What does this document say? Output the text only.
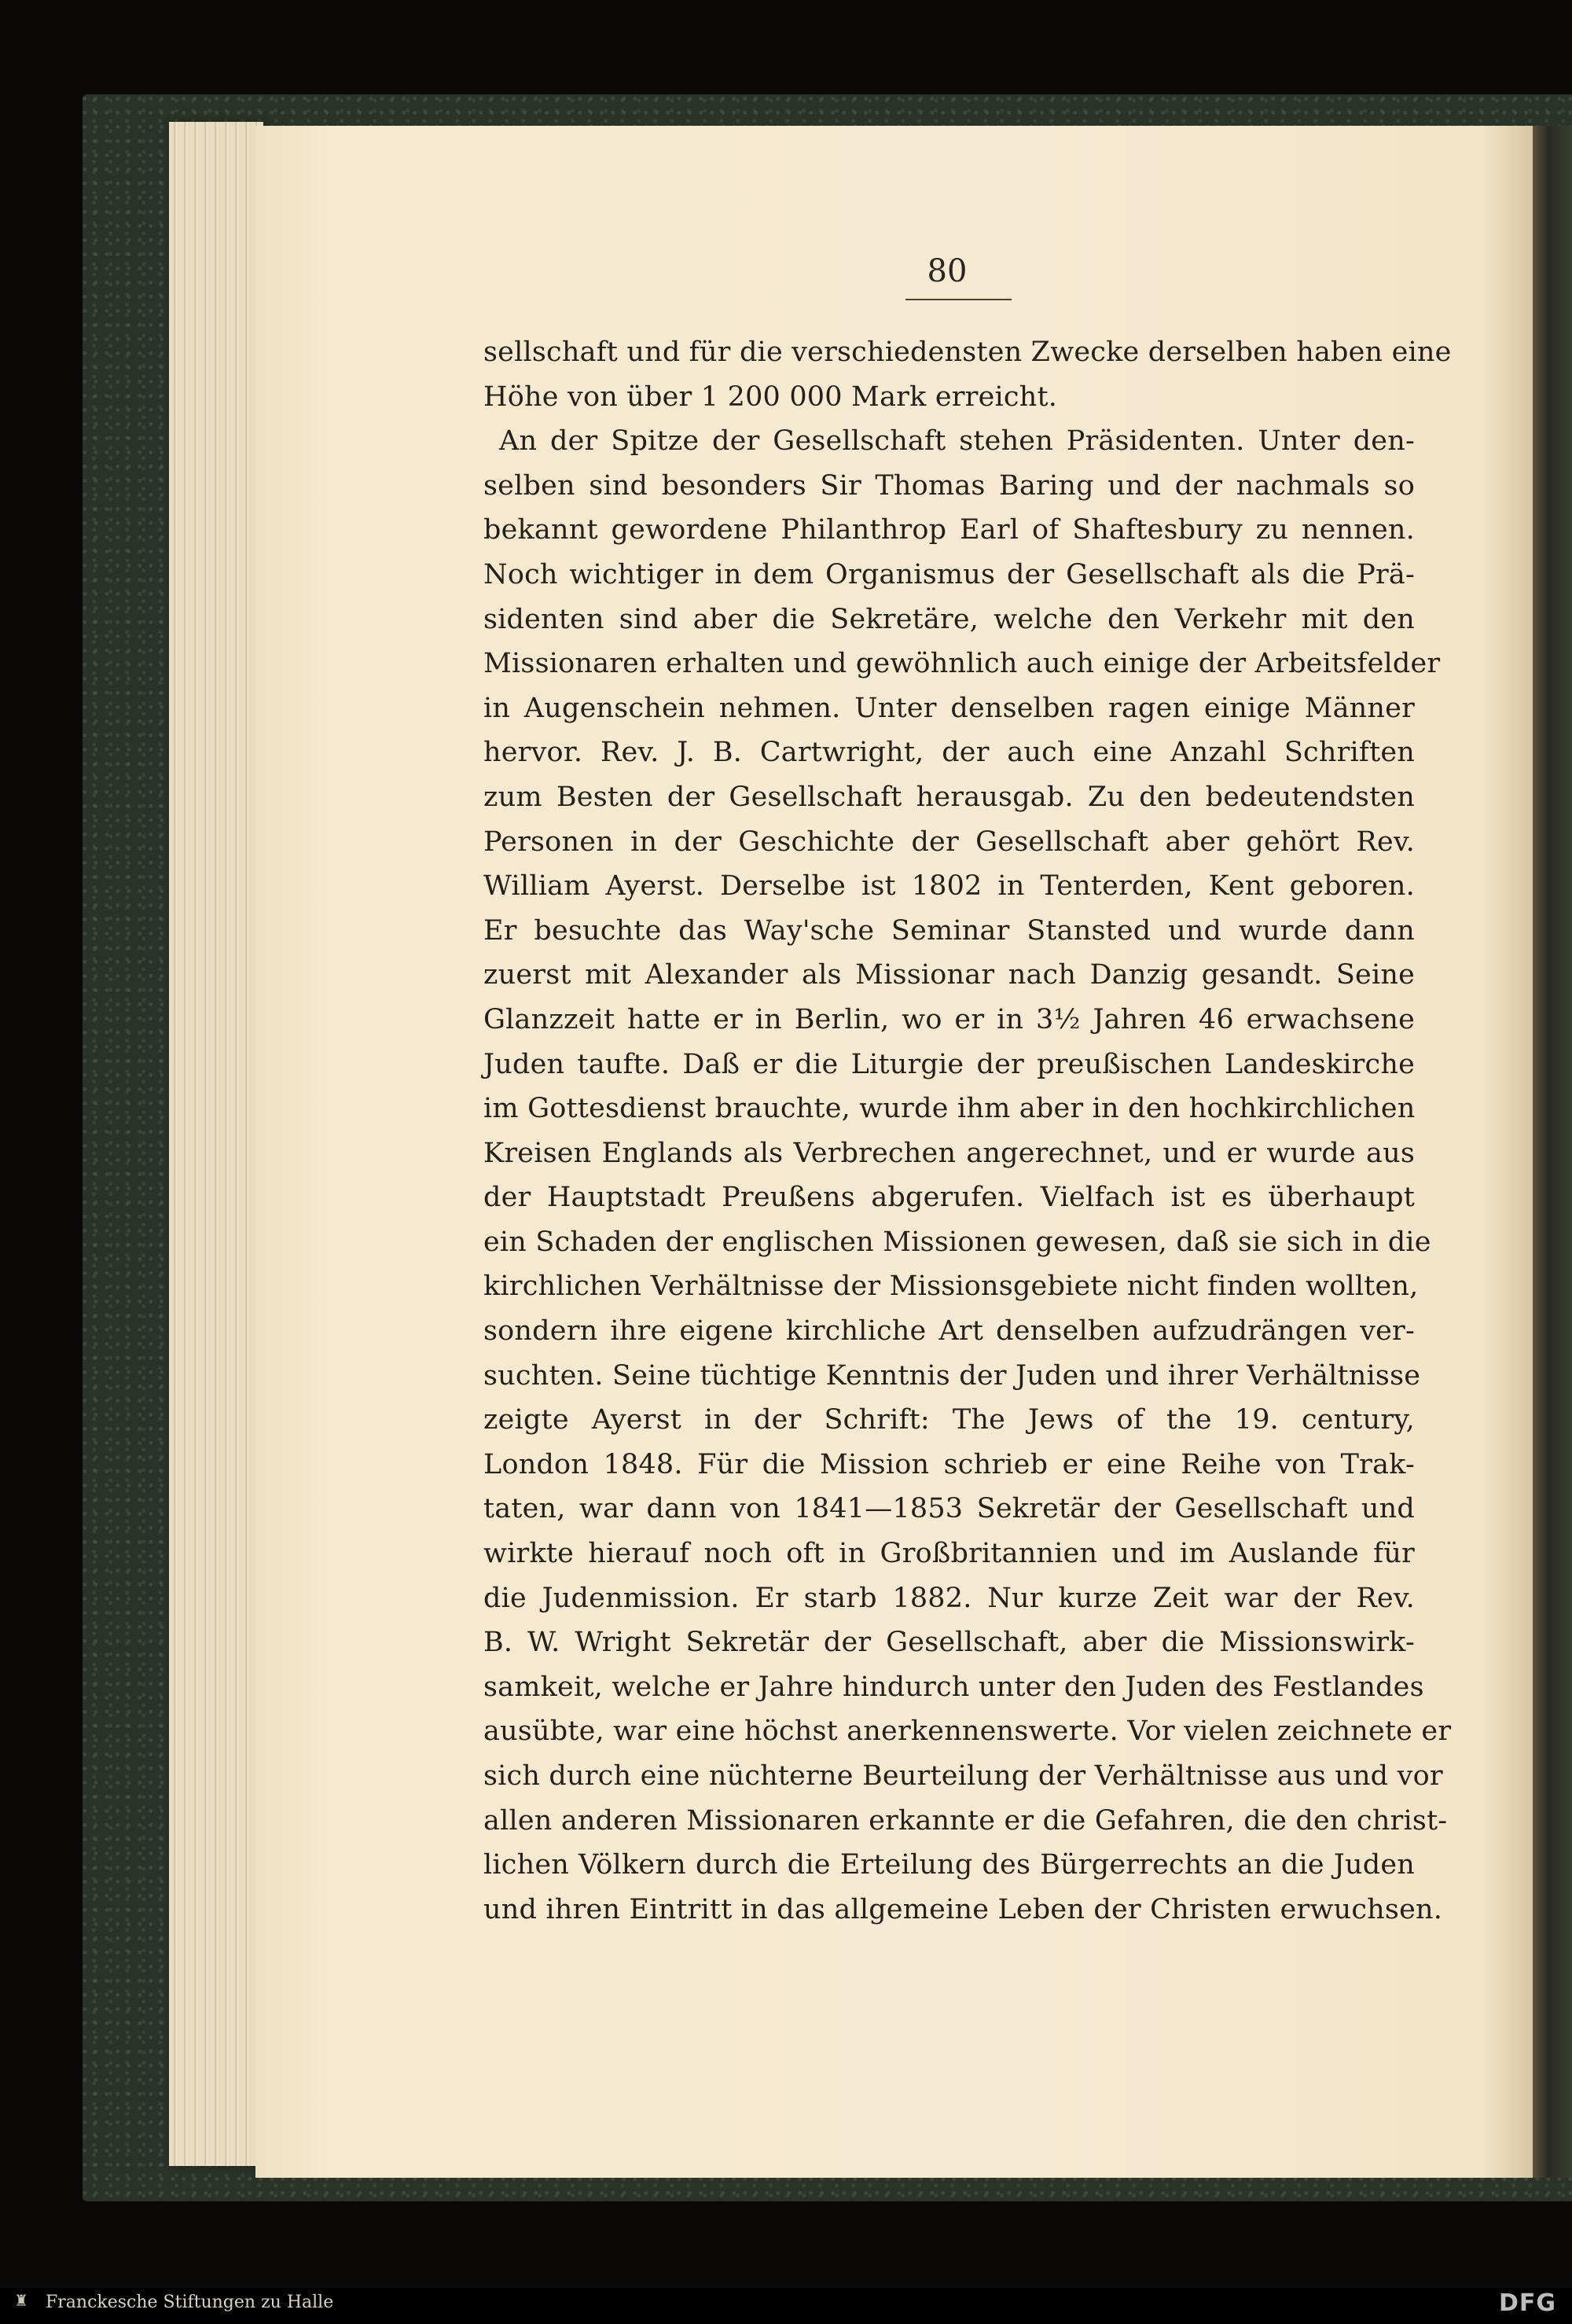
80
sellschaft und für die verschiedensten Zwecke derselben haben eine
Höhe von über 1 200 000 Mark erreicht.
An der Spitze der Gesellschaft stehen Präsidenten. Unter den-
selben sind besonders Sir Thomas Baring und der nachmals so
bekannt gewordene Philanthrop Earl of Shaftesbury zu nennen.
Noch wichtiger in dem Organismus der Gesellschaft als die Prä-
sidenten sind aber die Sekretäre, welche den Verkehr mit den
Missionaren erhalten und gewöhnlich auch einige der Arbeitsfelder
in Augenschein nehmen. Unter denselben ragen einige Männer
hervor. Rev. J. B. Cartwright, der auch eine Anzahl Schriften
zum Besten der Gesellschaft herausgab. Zu den bedeutendsten
Personen in der Geschichte der Gesellschaft aber gehört Rev.
William Ayerst. Derselbe ist 1802 in Tenterden, Kent geboren.
Er besuchte das Way'sche Seminar Stansted und wurde dann
zuerst mit Alexander als Missionar nach Danzig gesandt. Seine
Glanzzeit hatte er in Berlin, wo er in 3½ Jahren 46 erwachsene
Juden taufte. Daß er die Liturgie der preußischen Landeskirche
im Gottesdienst brauchte, wurde ihm aber in den hochkirchlichen
Kreisen Englands als Verbrechen angerechnet, und er wurde aus
der Hauptstadt Preußens abgerufen. Vielfach ist es überhaupt
ein Schaden der englischen Missionen gewesen, daß sie sich in die
kirchlichen Verhältnisse der Missionsgebiete nicht finden wollten,
sondern ihre eigene kirchliche Art denselben aufzudrängen ver-
suchten. Seine tüchtige Kenntnis der Juden und ihrer Verhältnisse
zeigte Ayerst in der Schrift: The Jews of the 19. century,
London 1848. Für die Mission schrieb er eine Reihe von Trak-
taten, war dann von 1841—1853 Sekretär der Gesellschaft und
wirkte hierauf noch oft in Großbritannien und im Auslande für
die Judenmission. Er starb 1882. Nur kurze Zeit war der Rev.
B. W. Wright Sekretär der Gesellschaft, aber die Missionswirk-
samkeit, welche er Jahre hindurch unter den Juden des Festlandes
ausübte, war eine höchst anerkennenswerte. Vor vielen zeichnete er
sich durch eine nüchterne Beurteilung der Verhältnisse aus und vor
allen anderen Missionaren erkannte er die Gefahren, die den christ-
lichen Völkern durch die Erteilung des Bürgerrechts an die Juden
und ihren Eintritt in das allgemeine Leben der Christen erwuchsen.
♜	Franckesche Stiftungen zu Halle	DFG
